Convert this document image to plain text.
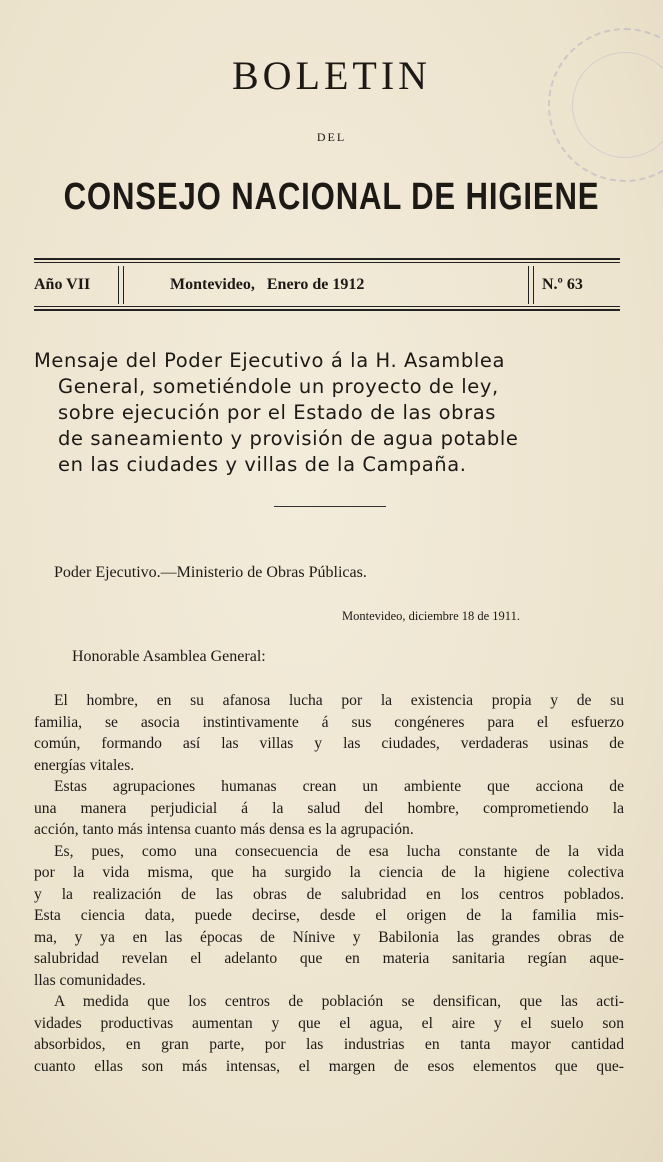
BOLETIN
DEL
CONSEJO NACIONAL DE HIGIENE
Año VII	Montevideo,   Enero de 1912	N.º 63
Mensaje del Poder Ejecutivo á la H. Asamblea
General, sometiéndole un proyecto de ley,
sobre ejecución por el Estado de las obras
de saneamiento y provisión de agua potable
en las ciudades y villas de la Campaña.
Poder Ejecutivo.—Ministerio de Obras Públicas.
Montevideo, diciembre 18 de 1911.
Honorable Asamblea General:
El hombre, en su afanosa lucha por la existencia propia y de su
familia, se asocia instintivamente á sus congéneres para el esfuerzo
común, formando así las villas y las ciudades, verdaderas usinas de
energías vitales.
Estas agrupaciones humanas crean un ambiente que acciona de
una manera perjudicial á la salud del hombre, comprometiendo la
acción, tanto más intensa cuanto más densa es la agrupación.
Es, pues, como una consecuencia de esa lucha constante de la vida
por la vida misma, que ha surgido la ciencia de la higiene colectiva
y la realización de las obras de salubridad en los centros poblados.
Esta ciencia data, puede decirse, desde el origen de la familia mis-
ma, y ya en las épocas de Nínive y Babilonia las grandes obras de
salubridad revelan el adelanto que en materia sanitaria regían aque-
llas comunidades.
A medida que los centros de población se densifican, que las acti-
vidades productivas aumentan y que el agua, el aire y el suelo son
absorbidos, en gran parte, por las industrias en tanta mayor cantidad
cuanto ellas son más intensas, el margen de esos elementos que que-
